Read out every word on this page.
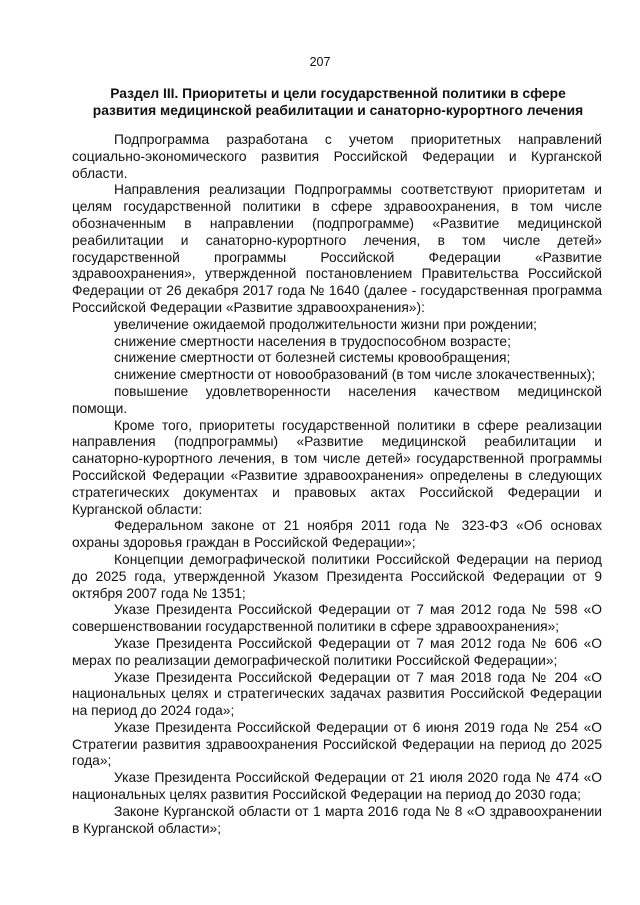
207
Раздел III. Приоритеты и цели государственной политики в сфере
развития медицинской реабилитации и санаторно-курортного лечения

Подпрограмма разработана с учетом приоритетных направлений социально-экономического развития Российской Федерации и Курганской области.

Направления реализации Подпрограммы соответствуют приоритетам и целям государственной политики в сфере здравоохранения, в том числе обозначенным в направлении (подпрограмме) «Развитие медицинской реабилитации и санаторно-курортного лечения, в том числе детей» государственной программы Российской Федерации «Развитие здравоохранения», утвержденной постановлением Правительства Российской Федерации от 26 декабря 2017 года № 1640 (далее - государственная программа Российской Федерации «Развитие здравоохранения»):

увеличение ожидаемой продолжительности жизни при рождении;

снижение смертности населения в трудоспособном возрасте;

снижение смертности от болезней системы кровообращения;

снижение смертности от новообразований (в том числе злокачественных);

повышение удовлетворенности населения качеством медицинской помощи.

Кроме того, приоритеты государственной политики в сфере реализации направления (подпрограммы) «Развитие медицинской реабилитации и санаторно-курортного лечения, в том числе детей» государственной программы Российской Федерации «Развитие здравоохранения» определены в следующих стратегических документах и правовых актах Российской Федерации и Курганской области:

Федеральном законе от 21 ноября 2011 года № 323-ФЗ «Об основах охраны здоровья граждан в Российской Федерации»;

Концепции демографической политики Российской Федерации на период до 2025 года, утвержденной Указом Президента Российской Федерации от 9 октября 2007 года № 1351;

Указе Президента Российской Федерации от 7 мая 2012 года № 598 «О совершенствовании государственной политики в сфере здравоохранения»;

Указе Президента Российской Федерации от 7 мая 2012 года № 606 «О мерах по реализации демографической политики Российской Федерации»;

Указе Президента Российской Федерации от 7 мая 2018 года № 204 «О национальных целях и стратегических задачах развития Российской Федерации на период до 2024 года»;

Указе Президента Российской Федерации от 6 июня 2019 года № 254 «О Стратегии развития здравоохранения Российской Федерации на период до 2025 года»;

Указе Президента Российской Федерации от 21 июля 2020 года № 474 «О национальных целях развития Российской Федерации на период до 2030 года;

Законе Курганской области от 1 марта 2016 года № 8 «О здравоохранении в Курганской области»;
